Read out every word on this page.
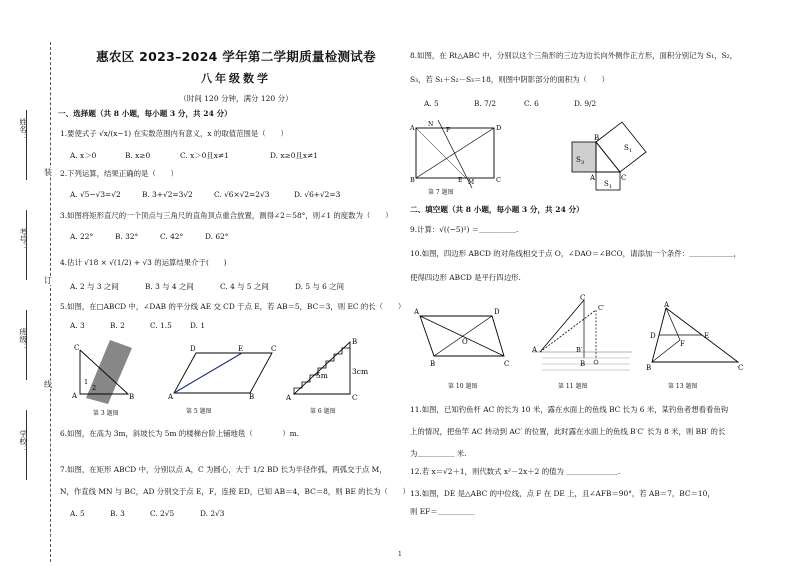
姓名：
考号：
班级：
学校：
装
订
线
惠农区 2023–2024 学年第二学期质量检测试卷
八年级数学
（时间 120 分钟，满分 120 分）
一、选择题（共 8 小题，每小题 3 分，共 24 分）
1.要使式子 √x/(x−1) 在实数范围内有意义，x 的取值范围是（　　）
A. x＞0	B. x≥0	C. x＞0且x≠1	D. x≥0且x≠1
2.下列运算，结果正确的是（　　）
A. √5−√3=√2	B. 3+√2=3√2	C. √6×√2=2√3	D. √6+√2=3
3.如图将矩形直尺的一个顶点与三角尺的直角顶点重合放置，测得∠2＝58°，则∠1 的度数为（　　）
A. 22°	B. 32°	C. 42°	D. 62°
4.估计 √18 × √(1/2) + √3 的运算结果介于(　　)
A. 2 与 3 之间	B. 3 与 4 之间	C. 4 与 5 之间	D. 5 与 6 之间
5.如图，在□ABCD 中，∠DAB 的平分线 AE 交 CD 于点 E，若 AB＝5，BC＝3，则 EC 的长（　　）
A. 3	B. 2	C. 1.5 D. 1
C
A	B
1
2
第 3 题图
D	E	C
A	B
第 5 题图
B
5m	3cm
A	C
第 6 题图
6.如图，在高为 3m，斜坡长为 5m 的楼梯台阶上铺地毯（　　　　）m.
7.如图，在矩形 ABCD 中，分别以点 A，C 为圆心，大于 1/2 BD 长为半径作弧，两弧交于点 M，
N，作直线 MN 与 BC，AD 分别交于点 E，F，连接 ED，已知 AB＝4，BC＝8，则 BE 的长为（　　）
A. 5	B. 3	C. 2√5	D. 2√3
8.如图，在 Rt△ABC 中，分别以这个三角形的三边为边长向外侧作正方形，面积分别记为 S₁，S₂，
S₃，若 S₁＋S₂－S₃＝18，则图中阴影部分的面积为（　　）
A. 5	B. 7/2	C. 6	D. 9/2
A
B	C
D
N
F
E M
第 7 题图
B
A	C
S 3
S 1
S 1
二、填空题（共 8 小题，每小题 3 分，共 24 分）
9.计算：√((−5)²) ＝＿＿＿＿＿.
10.如图，四边形 ABCD 的对角线相交于点 O，∠DAO＝∠BCO，请添加一个条件：＿＿＿＿＿＿，
使得四边形 ABCD 是平行四边形.
A	D
O
B	C
第 10 题图
C
C′
A	B′
B
第 11 题图
A
D	E
F
B	C
第 13 题图
11.如图，已知钓鱼杆 AC 的长为 10 米，露在水面上的鱼线 BC 长为 6 米，某钓鱼者想看看鱼钩
上的情况，把鱼竿 AC 转动到 AC′ 的位置，此时露在水面上的鱼线 B′C′ 长为 8 米，则 BB′ 的长
为＿＿＿＿＿ 米.
12.若 x＝√2＋1，则代数式 x²－2x＋2 的值为 ＿＿＿＿＿＿＿.
13.如图，DE 是△ABC 的中位线，点 F 在 DE 上，且∠AFB＝90°，若 AB＝7，BC＝10，
则 EF＝＿＿＿＿＿
1
